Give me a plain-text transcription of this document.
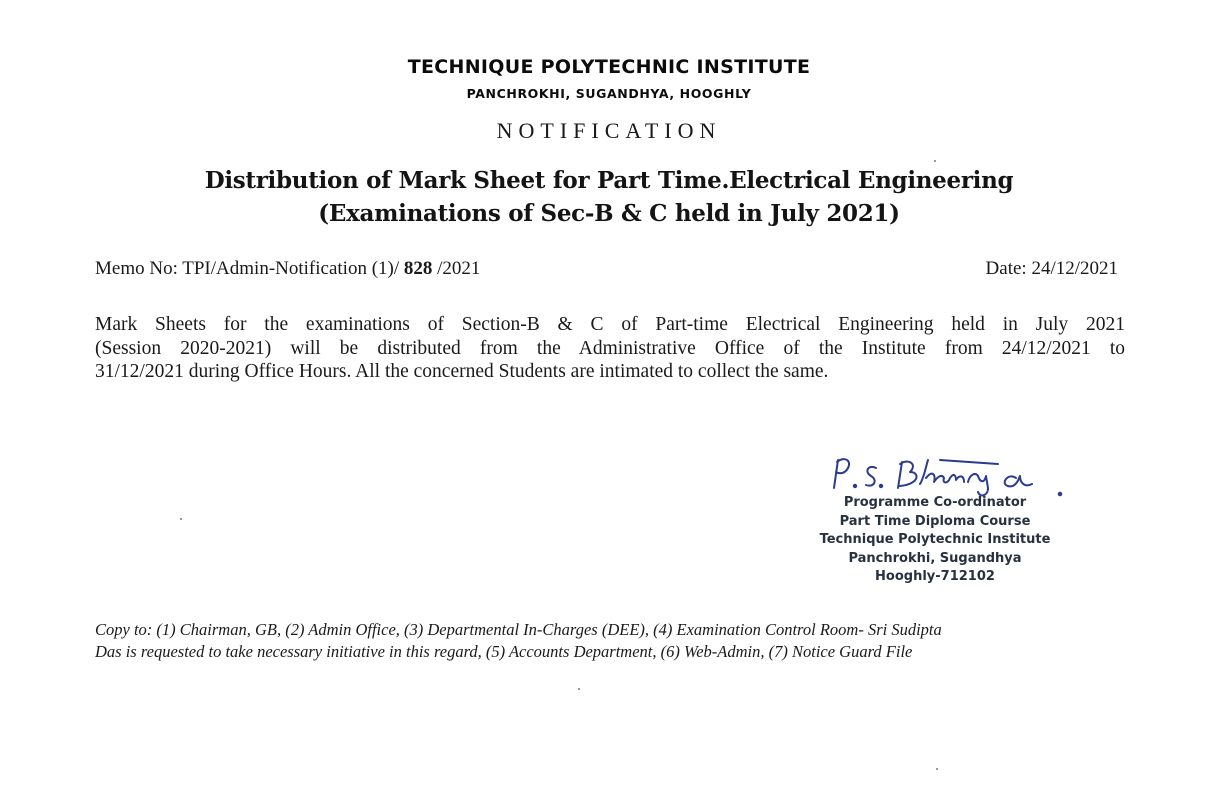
TECHNIQUE POLYTECHNIC INSTITUTE
PANCHROKHI, SUGANDHYA, HOOGHLY
NOTIFICATION
Distribution of Mark Sheet for Part Time.Electrical Engineering
(Examinations of Sec-B & C held in July 2021)
Memo No: TPI/Admin-Notification (1)/ 828 /2021	Date: 24/12/2021
Mark Sheets for the examinations of Section-B & C of Part-time Electrical Engineering held in July 2021
(Session 2020-2021) will be distributed from the Administrative Office of the Institute from 24/12/2021 to
31/12/2021 during Office Hours. All the concerned Students are intimated to collect the same.
Programme Co-ordinator
Part Time Diploma Course
Technique Polytechnic Institute
Panchrokhi, Sugandhya
Hooghly-712102
Copy to: (1) Chairman, GB, (2) Admin Office, (3) Departmental In-Charges (DEE), (4) Examination Control Room- Sri Sudipta
Das is requested to take necessary initiative in this regard, (5) Accounts Department, (6) Web-Admin, (7) Notice Guard File
